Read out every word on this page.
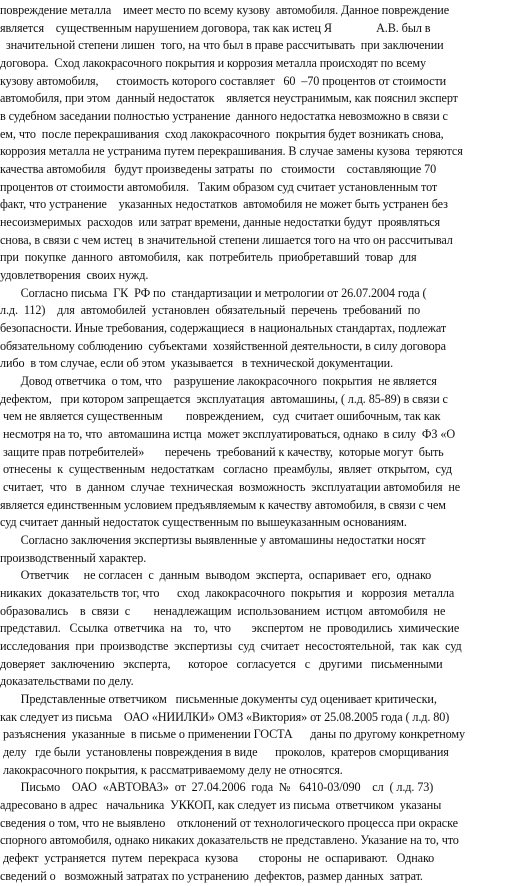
повреждение металла    имеет место по всему кузову  автомобиля. Данное повреждение
является    существенным нарушением договора, так как истец Я               А.В. был в
значительной степени лишен  того, на что был в праве рассчитывать  при заключении
договора.  Сход лакокрасочного покрытия и коррозия металла происходят по всему
кузову автомобиля,      стоимость которого составляет   60  –70 процентов от стоимости
автомобиля, при этом  данный недостаток    является неустранимым, как пояснил эксперт
в судебном заседании полностью устранение  данного недостатка невозможно в связи с
ем, что  после перекрашивания  сход лакокрасочного  покрытия будет возникать снова,
коррозия металла не устранима путем перекрашивания. В случае замены кузова  теряются
качества автомобиля   будут произведены затраты  по   стоимости    составляющие 70
процентов от стоимости автомобиля.   Таким образом суд считает установленным тот
факт, что устранение    указанных недостатков  автомобиля не может быть устранен без
несоизмеримых  расходов  или затрат времени, данные недостатки будут  проявляться
снова, в связи с чем истец  в значительной степени лишается того на что он рассчитывал
при  покупке  данного  автомобиля,  как  потребитель  приобретавший  товар  для
удовлетворения  своих нужд.
Согласно письма  ГК  РФ по  стандартизации и метрологии от 26.07.2004 года (
л.д.  112)    для  автомобилей  установлен  обязательный  перечень  требований  по
безопасности. Иные требования, содержащиеся  в национальных стандартах, подлежат
обязательному соблюдению  субъектами  хозяйственной деятельности, в силу договора
либо  в том случае, если об этом  указывается   в технической документации.
Довод ответчика  о том, что    разрушение лакокрасочного  покрытия  не является
дефектом,   при котором запрещается  эксплуатация  автомашины, ( л.д. 85-89) в связи с
чем не является существенным        повреждением,   суд  считает ошибочным, так как
несмотря на то, что  автомашина истца  может эксплуатироваться, однако  в силу  ФЗ «О
защите прав потребителей»       перечень  требований к качеству,  которые могут  быть
отнесены  к  существенным  недостаткам   согласно  преамбулы,  являет  открытом,  суд
считает,  что   в  данном  случае  техническая  возможность  эксплуатации автомобиля  не
является единственным условием предъявляемым к качеству автомобиля, в связи с чем
суд считает данный недостаток существенным по вышеуказанным основаниям.
Согласно заключения экспертизы выявленные у автомашины недостатки носят
производственный характер.
Ответчик     не согласен  с  данным  выводом  эксперта,  оспаривает  его,  однако
никаких  доказательств тог, что      сход  лакокрасочного  покрытия  и   коррозия  металла
образовались    в  связи  с        ненадлежащим  использованием  истцом  автомобиля  не
представил.   Ссылка  ответчика  на    то,  что       экспертом  не  проводились  химические
исследования  при  производстве  экспертизы  суд  считает  несостоятельной,  так  как  суд
доверяет  заключению   эксперта,      которое   согласуется   с   другими   письменными
доказательствами по делу.
Представленные ответчиком   письменные документы суд оценивает критически,
как следует из письма    ОАО «НИИЛКИ» ОМЗ «Виктория» от 25.08.2005 года ( л.д. 80)
разъяснения  указанные  в письме о применении ГОСТА      даны по другому конкретному
делу   где были  установлены повреждения в виде      проколов,  кратеров сморщивания
лакокрасочного покрытия, к рассматриваемому делу не относятся.
Письмо    ОАО  «АВТОВАЗ»  от  27.04.2006  года  №   6410-03/090    сл  ( л.д. 73)
адресовано в адрес   начальника  УККОП, как следует из письма  ответчиком  указаны
сведения о том, что не выявлено    отклонений от технологического процесса при окраске
спорного автомобиля, однако никаких доказательств не представлено. Указание на то, что
дефект  устраняется  путем  перекраса  кузова       стороны  не  оспаривают.   Однако
сведений о   возможный затратах по устранению  дефектов, размер данных  затрат.
